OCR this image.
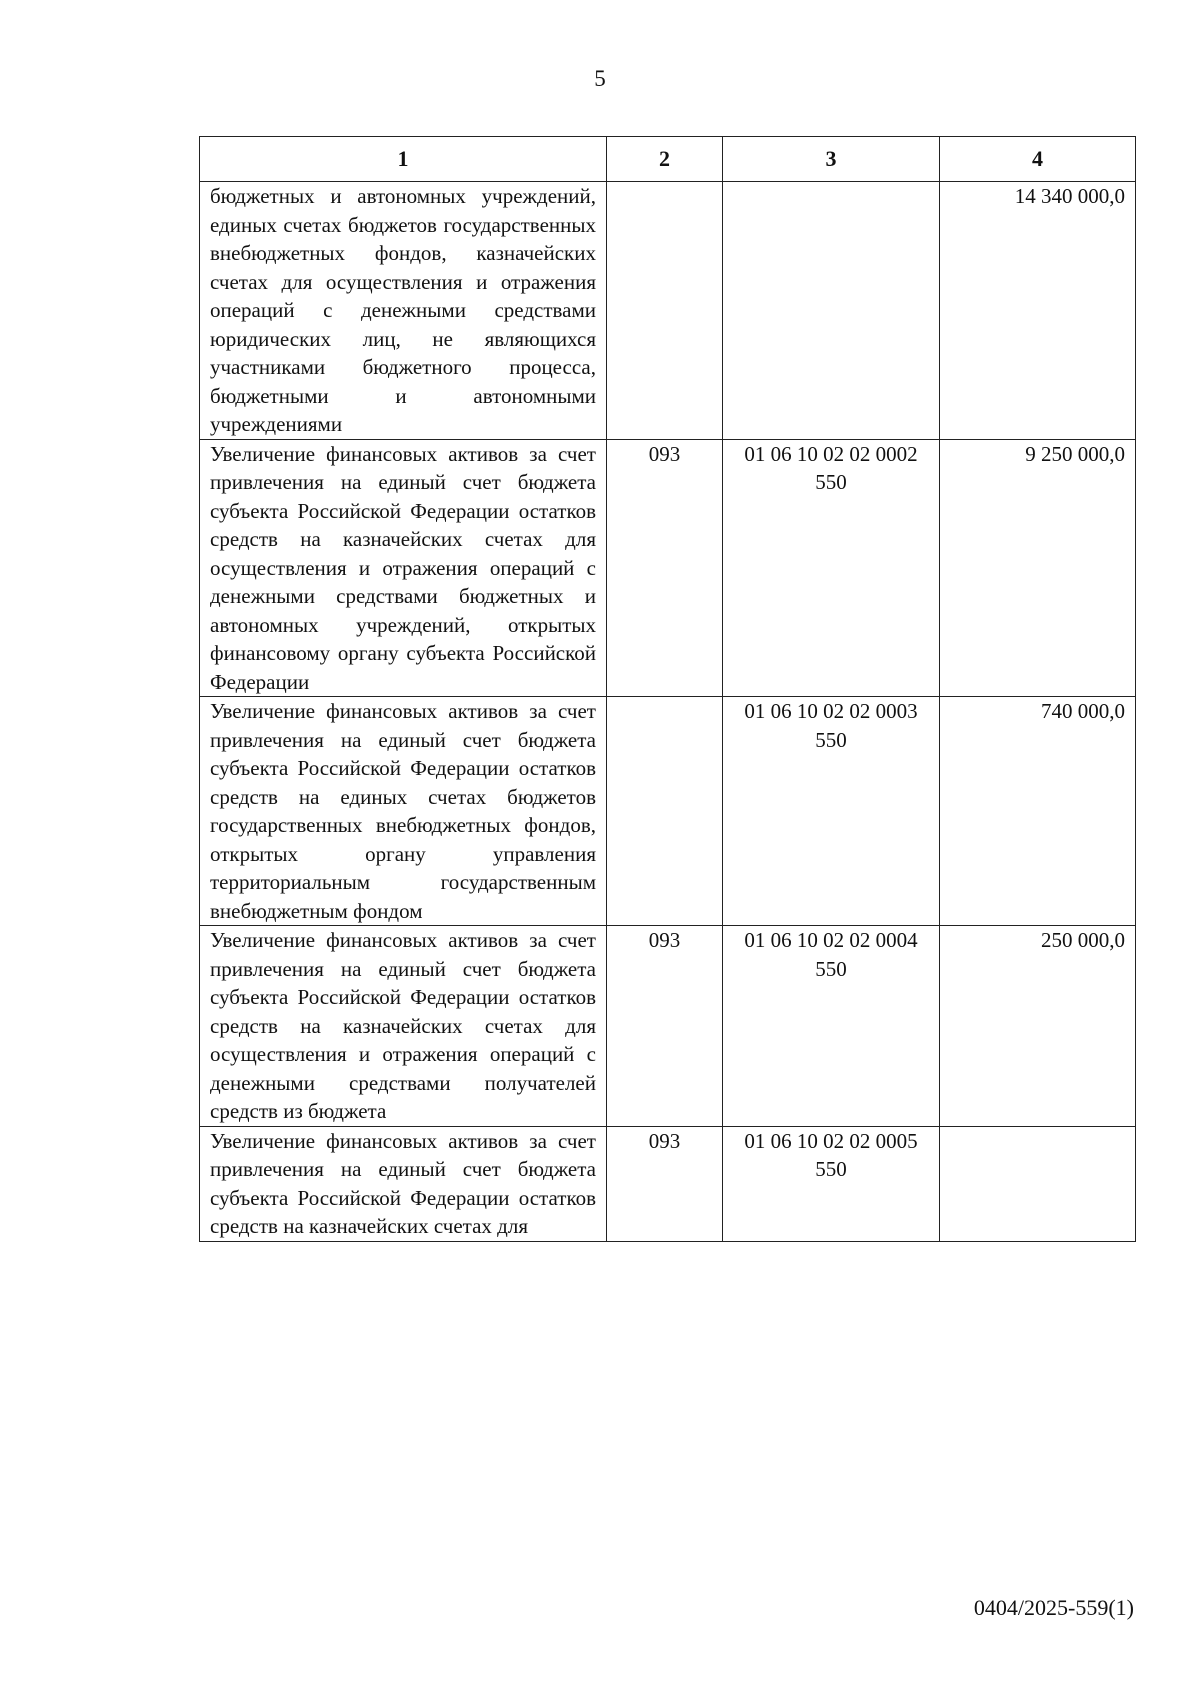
5
1	2	3	4
бюджетных и автономных учреждений, единых счетах бюджетов государственных внебюджетных фондов, казначейских счетах для осуществления и отражения операций с денежными средствами юридических лиц, не являющихся участниками бюджетного процесса, бюджетными и автономными учреждениями			14 340 000,0
Увеличение финансовых активов за счет привлечения на единый счет бюджета субъекта Российской Федерации остатков средств на казначейских счетах для осуществления и отражения операций с денежными средствами бюджетных и автономных учреждений, открытых финансовому органу субъекта Российской Федерации	093	01 06 10 02 02 0002 550	9 250 000,0
Увеличение финансовых активов за счет привлечения на единый счет бюджета субъекта Российской Федерации остатков средств на единых счетах бюджетов государственных внебюджетных фондов, открытых органу управления территориальным государственным внебюджетным фондом		01 06 10 02 02 0003 550	740 000,0
Увеличение финансовых активов за счет привлечения на единый счет бюджета субъекта Российской Федерации остатков средств на казначейских счетах для осуществления и отражения операций с денежными средствами получателей средств из бюджета	093	01 06 10 02 02 0004 550	250 000,0
Увеличение финансовых активов за счет привлечения на единый счет бюджета субъекта Российской Федерации остатков средств на казначейских счетах для	093	01 06 10 02 02 0005 550	
0404/2025-559(1)
